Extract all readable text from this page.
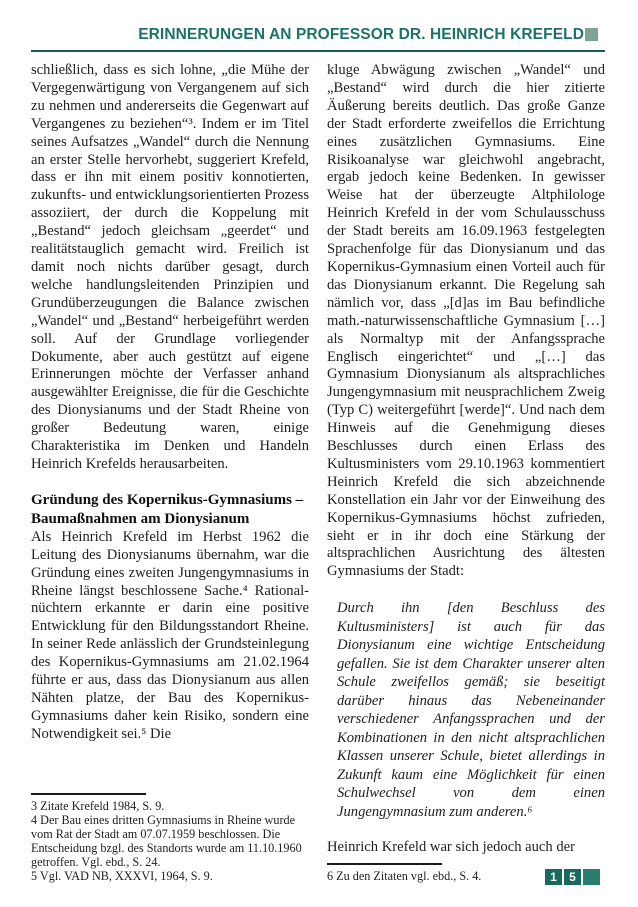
ERINNERUNGEN AN PROFESSOR DR. HEINRICH KREFELD

schließlich, dass es sich lohne, „die Mühe der Vergegenwärtigung von Vergangenem auf sich zu nehmen und andererseits die Gegenwart auf Vergangenes zu beziehen“³. Indem er im Titel seines Aufsatzes „Wandel“ durch die Nennung an erster Stelle hervorhebt, suggeriert Krefeld, dass er ihn mit einem positiv konnotierten, zukunfts- und entwicklungsorientierten Prozess assoziiert, der durch die Koppelung mit „Bestand“ jedoch gleichsam „geerdet“ und realitätstauglich gemacht wird. Freilich ist damit noch nichts darüber gesagt, durch welche handlungsleitenden Prinzipien und Grundüberzeugungen die Balance zwischen „Wandel“ und „Bestand“ herbeigeführt werden soll. Auf der Grundlage vorliegender Dokumente, aber auch gestützt auf eigene Erinnerungen möchte der Verfasser anhand ausgewählter Ereignisse, die für die Geschichte des Dionysianums und der Stadt Rheine von großer Bedeutung waren, einige Charakteristika im Denken und Handeln Heinrich Krefelds herausarbeiten.

Gründung des Kopernikus-Gymnasiums – Baumaßnahmen am Dionysianum

Als Heinrich Krefeld im Herbst 1962 die Leitung des Dionysianums übernahm, war die Gründung eines zweiten Jungengymnasiums in Rheine längst beschlossene Sache.⁴ Rational-nüchtern erkannte er darin eine positive Entwicklung für den Bildungsstandort Rheine. In seiner Rede anlässlich der Grundsteinlegung des Kopernikus-Gymnasiums am 21.02.1964 führte er aus, dass das Dionysianum aus allen Nähten platze, der Bau des Kopernikus-Gymnasiums daher kein Risiko, sondern eine Notwendigkeit sei.⁵ Die

3 Zitate Krefeld 1984, S. 9.

4 Der Bau eines dritten Gymnasiums in Rheine wurde vom Rat der Stadt am 07.07.1959 beschlossen. Die Entscheidung bzgl. des Standorts wurde am 11.10.1960 getroffen. Vgl. ebd., S. 24.

5 Vgl. VAD NB, XXXVI, 1964, S. 9.

kluge Abwägung zwischen „Wandel“ und „Bestand“ wird durch die hier zitierte Äußerung bereits deutlich. Das große Ganze der Stadt erforderte zweifellos die Errichtung eines zusätzlichen Gymnasiums. Eine Risikoanalyse war gleichwohl angebracht, ergab jedoch keine Bedenken. In gewisser Weise hat der überzeugte Altphilologe Heinrich Krefeld in der vom Schulausschuss der Stadt bereits am 16.09.1963 festgelegten Sprachenfolge für das Dionysianum und das Kopernikus-Gymnasium einen Vorteil auch für das Dionysianum erkannt. Die Regelung sah nämlich vor, dass „[d]as im Bau befindliche math.-naturwissenschaftliche Gymnasium […] als Normaltyp mit der Anfangssprache Englisch eingerichtet“ und „[…] das Gymnasium Dionysianum als altsprachliches Jungengymnasium mit neusprachlichem Zweig (Typ C) weitergeführt [werde]“. Und nach dem Hinweis auf die Genehmigung dieses Beschlusses durch einen Erlass des Kultusministers vom 29.10.1963 kommentiert Heinrich Krefeld die sich abzeichnende Konstellation ein Jahr vor der Einweihung des Kopernikus-Gymnasiums höchst zufrieden, sieht er in ihr doch eine Stärkung der altsprachlichen Ausrichtung des ältesten Gymnasiums der Stadt:

Durch ihn [den Beschluss des Kultusministers] ist auch für das Dionysianum eine wichtige Entscheidung gefallen. Sie ist dem Charakter unserer alten Schule zweifellos gemäß; sie beseitigt darüber hinaus das Nebeneinander verschiedener Anfangssprachen und der Kombinationen in den nicht altsprachlichen Klassen unserer Schule, bietet allerdings in Zukunft kaum eine Möglichkeit für einen Schulwechsel von dem einen Jungengymnasium zum anderen.⁶

Heinrich Krefeld war sich jedoch auch der

6 Zu den Zitaten vgl. ebd., S. 4.	1	5
